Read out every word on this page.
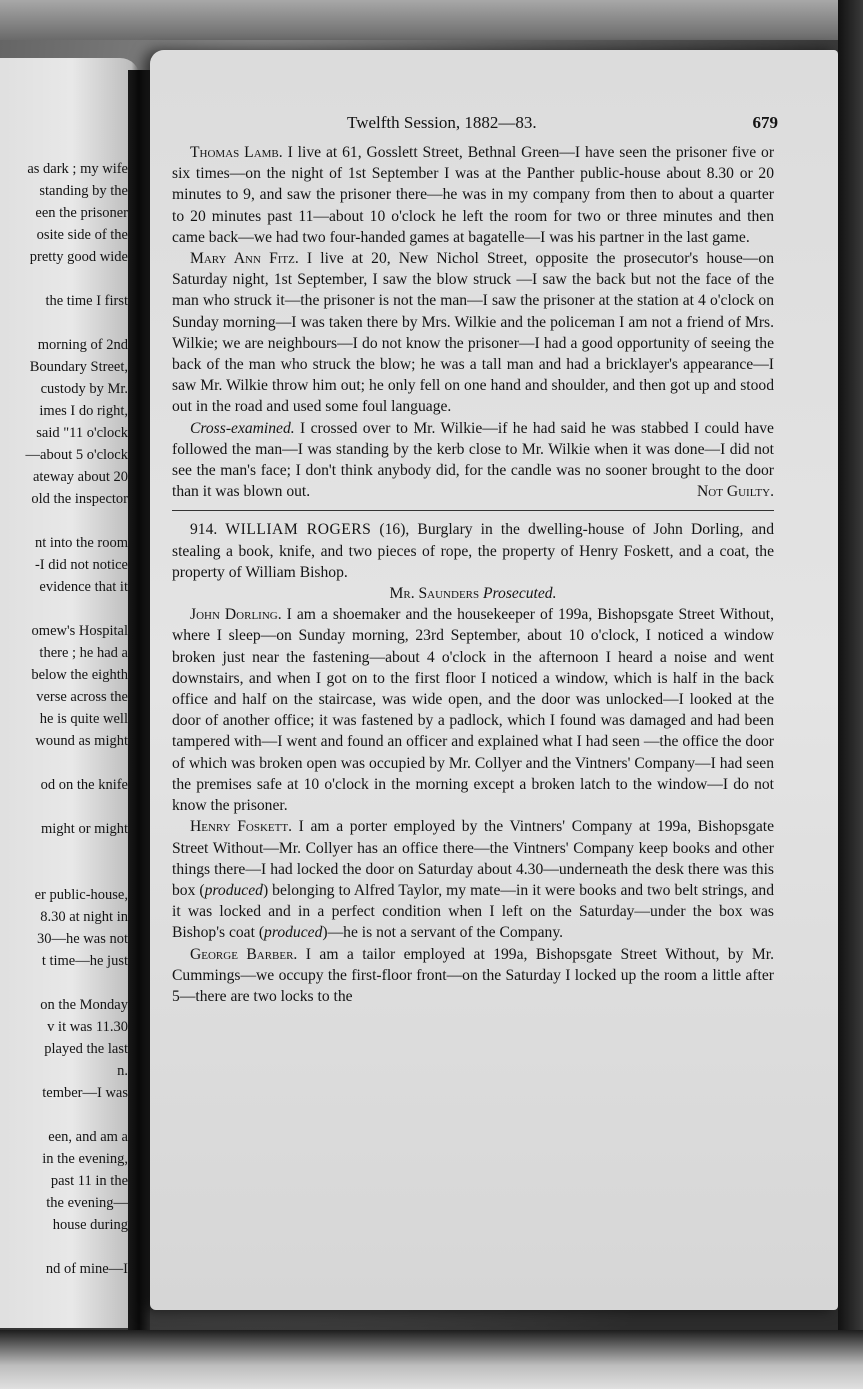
as dark ; my wife
standing by the
een the prisoner
osite side of the
pretty good wide
the time I first
morning of 2nd
Boundary Street,
custody by Mr.
imes I do right,
said "11 o'clock
—about 5 o'clock
ateway about 20
old the inspector
nt into the room
-I did not notice
evidence that it
omew's Hospital
there ; he had a
below the eighth
verse across the
he is quite well
wound as might
od on the knife
might or might
er public-house,
8.30 at night in
30—he was not
t time—he just
on the Monday
v it was 11.30
played the last
n.
tember—I was
een, and am a
in the evening,
past 11 in the
the evening—
house during
nd of mine—I
Twelfth Session, 1882—83.	679

Thomas Lamb. I live at 61, Gosslett Street, Bethnal Green—I have seen the prisoner five or six times—on the night of 1st September I was at the Panther public-house about 8.30 or 20 minutes to 9, and saw the prisoner there—he was in my company from then to about a quarter to 20 minutes past 11—about 10 o'clock he left the room for two or three minutes and then came back—we had two four-handed games at bagatelle—I was his partner in the last game.

Mary Ann Fitz. I live at 20, New Nichol Street, opposite the prosecutor's house—on Saturday night, 1st September, I saw the blow struck —I saw the back but not the face of the man who struck it—the prisoner is not the man—I saw the prisoner at the station at 4 o'clock on Sunday morning—I was taken there by Mrs. Wilkie and the policeman I am not a friend of Mrs. Wilkie; we are neighbours—I do not know the prisoner—I had a good opportunity of seeing the back of the man who struck the blow; he was a tall man and had a bricklayer's appearance—I saw Mr. Wilkie throw him out; he only fell on one hand and shoulder, and then got up and stood out in the road and used some foul language.

Cross-examined. I crossed over to Mr. Wilkie—if he had said he was stabbed I could have followed the man—I was standing by the kerb close to Mr. Wilkie when it was done—I did not see the man's face; I don't think anybody did, for the candle was no sooner brought to the door than it was blown out.	Not Guilty.

914. WILLIAM ROGERS (16), Burglary in the dwelling-house of John Dorling, and stealing a book, knife, and two pieces of rope, the property of Henry Foskett, and a coat, the property of William Bishop.

Mr. Saunders Prosecuted.

John Dorling. I am a shoemaker and the housekeeper of 199a, Bishopsgate Street Without, where I sleep—on Sunday morning, 23rd September, about 10 o'clock, I noticed a window broken just near the fastening—about 4 o'clock in the afternoon I heard a noise and went downstairs, and when I got on to the first floor I noticed a window, which is half in the back office and half on the staircase, was wide open, and the door was unlocked—I looked at the door of another office; it was fastened by a padlock, which I found was damaged and had been tampered with—I went and found an officer and explained what I had seen —the office the door of which was broken open was occupied by Mr. Collyer and the Vintners' Company—I had seen the premises safe at 10 o'clock in the morning except a broken latch to the window—I do not know the prisoner.

Henry Foskett. I am a porter employed by the Vintners' Company at 199a, Bishopsgate Street Without—Mr. Collyer has an office there—the Vintners' Company keep books and other things there—I had locked the door on Saturday about 4.30—underneath the desk there was this box (produced) belonging to Alfred Taylor, my mate—in it were books and two belt strings, and it was locked and in a perfect condition when I left on the Saturday—under the box was Bishop's coat (produced)—he is not a servant of the Company.

George Barber. I am a tailor employed at 199a, Bishopsgate Street Without, by Mr. Cummings—we occupy the first-floor front—on the Saturday I locked up the room a little after 5—there are two locks to the
